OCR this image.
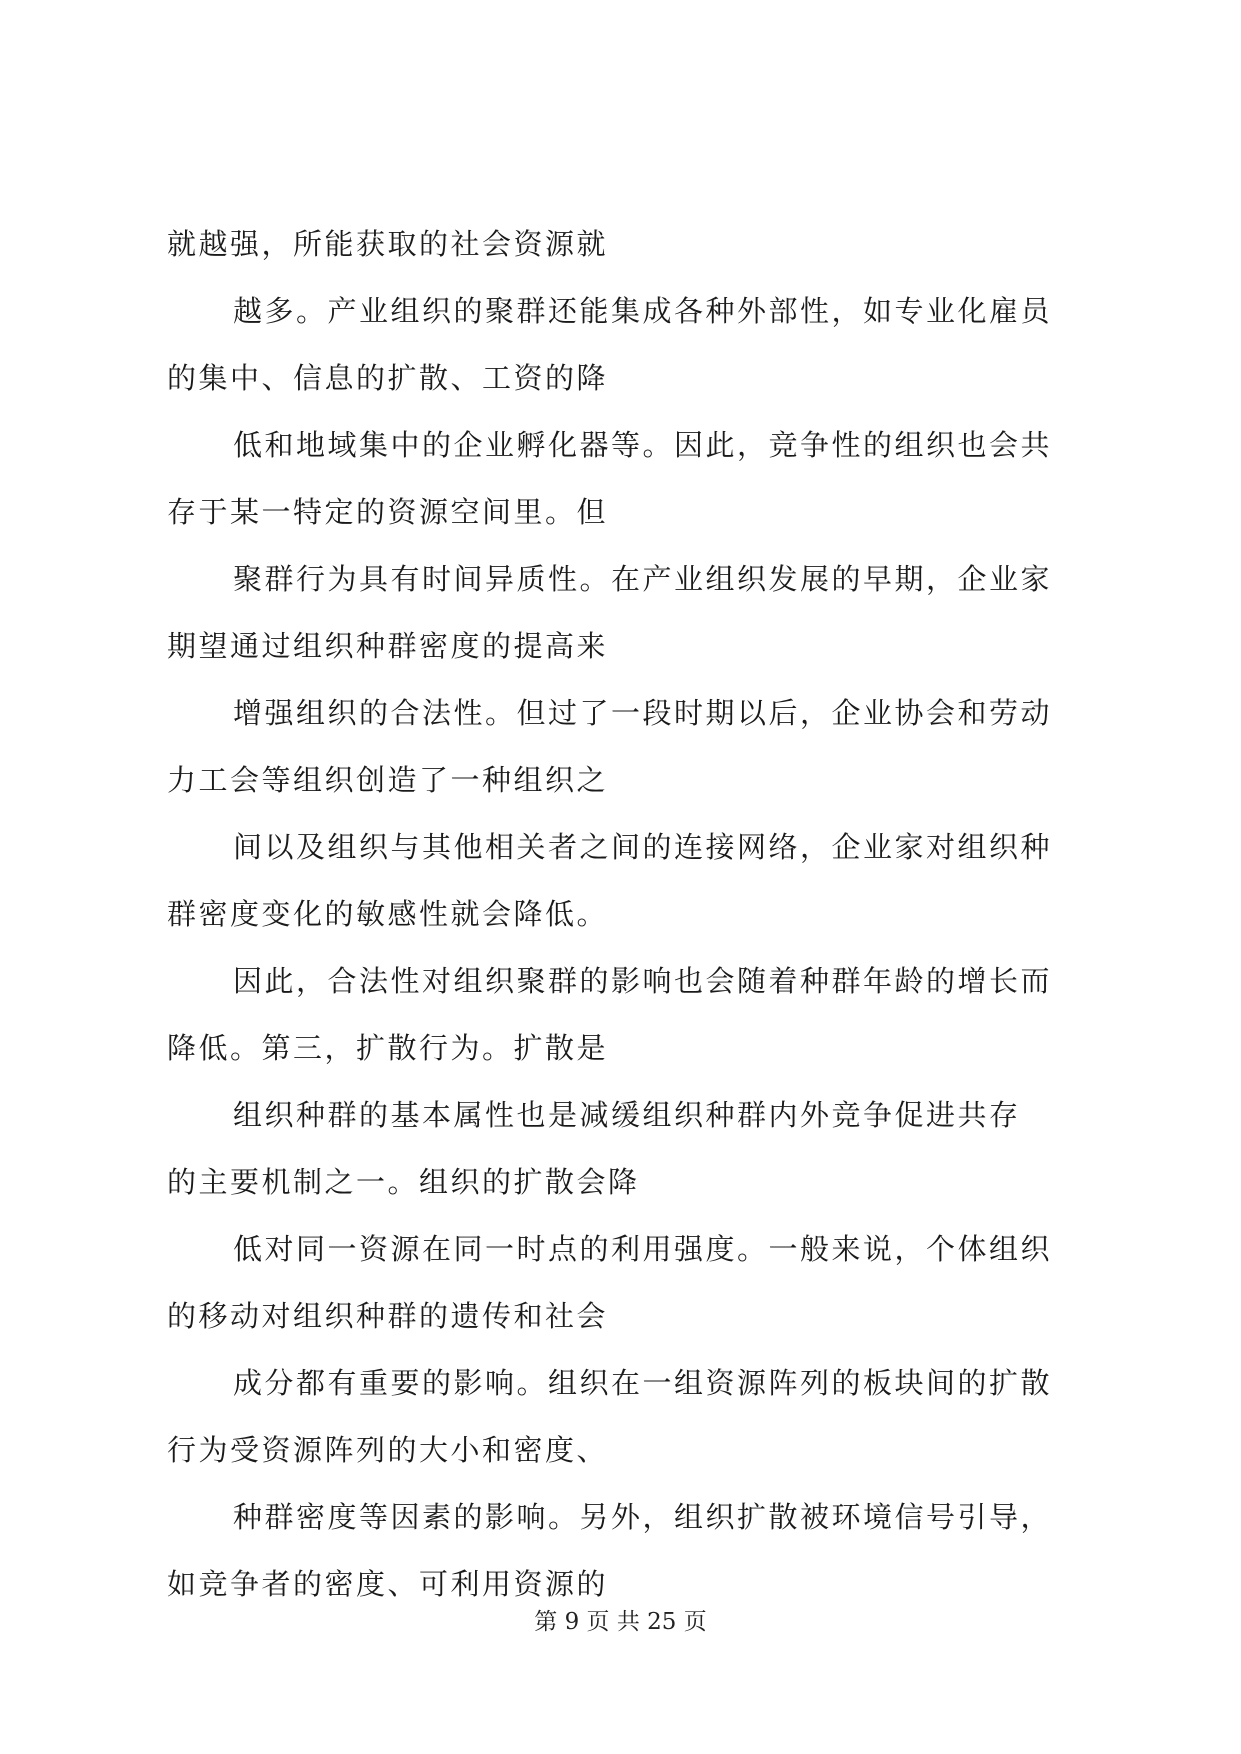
就越强，所能获取的社会资源就
越多。产业组织的聚群还能集成各种外部性，如专业化雇员
的集中、信息的扩散、工资的降
低和地域集中的企业孵化器等。因此，竞争性的组织也会共
存于某一特定的资源空间里。但
聚群行为具有时间异质性。在产业组织发展的早期，企业家
期望通过组织种群密度的提高来
增强组织的合法性。但过了一段时期以后，企业协会和劳动
力工会等组织创造了一种组织之
间以及组织与其他相关者之间的连接网络，企业家对组织种
群密度变化的敏感性就会降低。
因此，合法性对组织聚群的影响也会随着种群年龄的增长而
降低。第三，扩散行为。扩散是
组织种群的基本属性也是减缓组织种群内外竞争促进共存
的主要机制之一。组织的扩散会降
低对同一资源在同一时点的利用强度。一般来说，个体组织
的移动对组织种群的遗传和社会
成分都有重要的影响。组织在一组资源阵列的板块间的扩散
行为受资源阵列的大小和密度、
种群密度等因素的影响。另外，组织扩散被环境信号引导，
如竞争者的密度、可利用资源的
第 9 页 共 25 页
